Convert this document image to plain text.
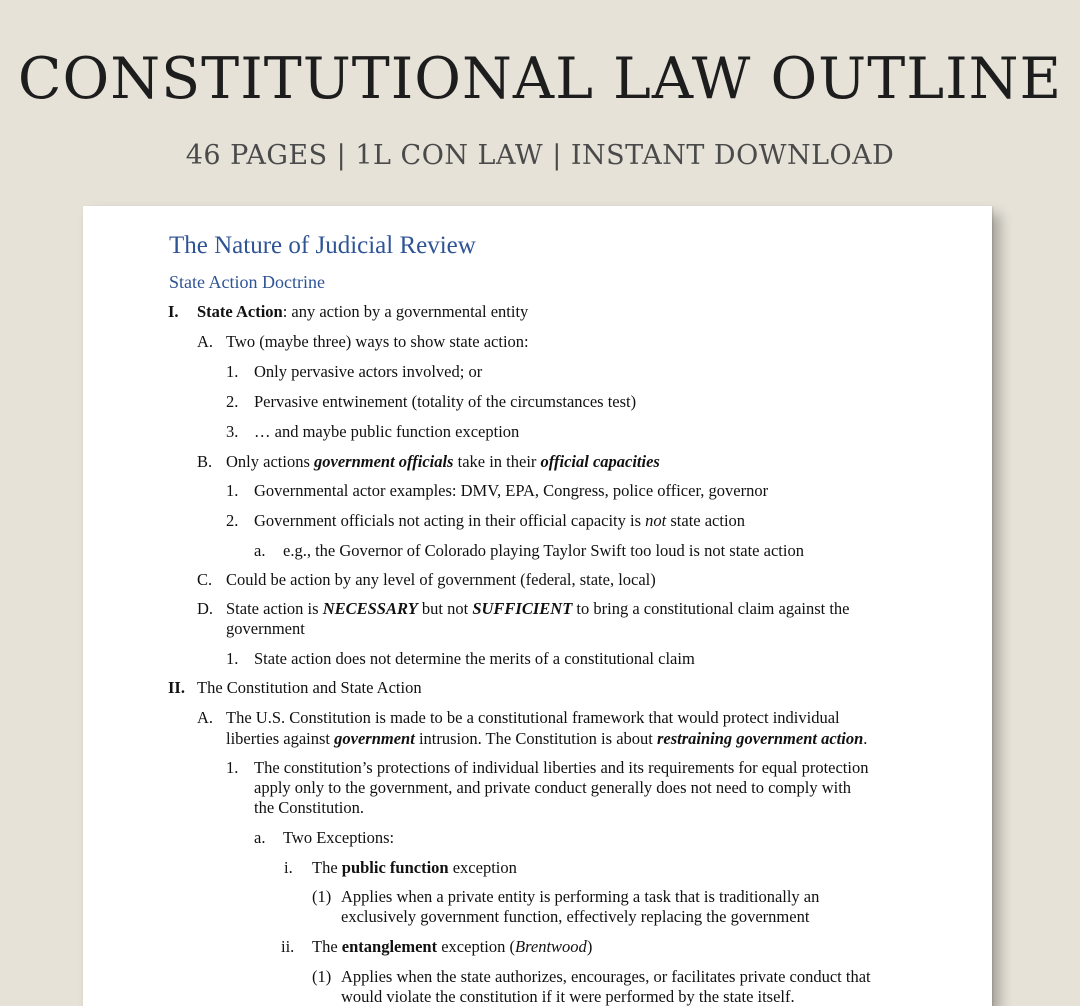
CONSTITUTIONAL LAW OUTLINE
46 PAGES | 1L CON LAW | INSTANT DOWNLOAD
The Nature of Judicial Review
State Action Doctrine
I. State Action: any action by a governmental entity
A. Two (maybe three) ways to show state action:
1. Only pervasive actors involved; or
2. Pervasive entwinement (totality of the circumstances test)
3. … and maybe public function exception
B. Only actions government officials take in their official capacities
1. Governmental actor examples: DMV, EPA, Congress, police officer, governor
2. Government officials not acting in their official capacity is not state action
a. e.g., the Governor of Colorado playing Taylor Swift too loud is not state action
C. Could be action by any level of government (federal, state, local)
D. State action is NECESSARY but not SUFFICIENT to bring a constitutional claim against the
government
1. State action does not determine the merits of a constitutional claim
II. The Constitution and State Action
A. The U.S. Constitution is made to be a constitutional framework that would protect individual
liberties against government intrusion. The Constitution is about restraining government action.
1. The constitution’s protections of individual liberties and its requirements for equal protection
apply only to the government, and private conduct generally does not need to comply with
the Constitution.
a. Two Exceptions:
i. The public function exception
(1) Applies when a private entity is performing a task that is traditionally an
exclusively government function, effectively replacing the government
ii. The entanglement exception (Brentwood)
(1) Applies when the state authorizes, encourages, or facilitates private conduct that
would violate the constitution if it were performed by the state itself.
